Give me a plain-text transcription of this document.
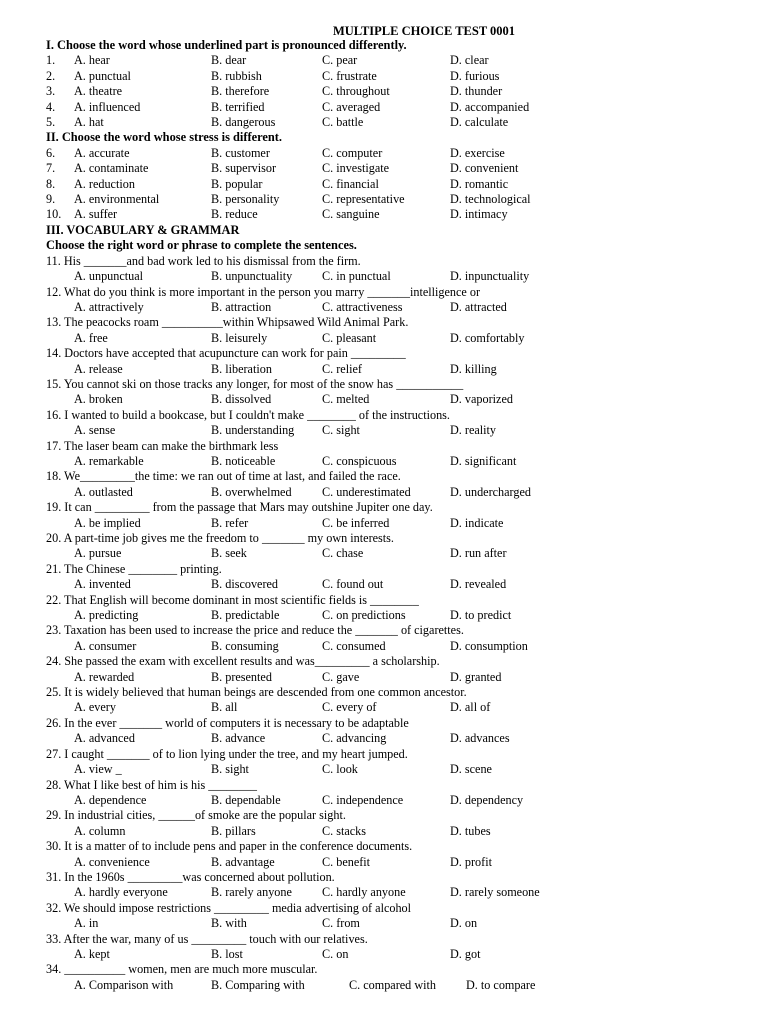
MULTIPLE CHOICE TEST 0001
I. Choose the word whose underlined part is pronounced differently.
1. A. hear	B. dear	C. pear	D. clear
2. A. punctual	B. rubbish	C. frustrate	D. furious
3. A. theatre	B. therefore	C. throughout	D. thunder
4. A. influenced	B. terrified	C. averaged	D. accompanied
5. A. hat	B. dangerous	C. battle	D. calculate
II. Choose the word whose stress is different.
6. A. accurate	B. customer	C. computer	D. exercise
7. A. contaminate	B. supervisor	C. investigate	D. convenient
8. A. reduction	B. popular	C. financial	D. romantic
9. A. environmental	B. personality	C. representative	D. technological
10. A. suffer	B. reduce	C. sanguine	D. intimacy
III. VOCABULARY & GRAMMAR
Choose the right word or phrase to complete the sentences.
11. His _______and bad work led to his dismissal from the firm.
A. unpunctual	B. unpunctuality C. in punctual	D. inpunctuality
12. What do you think is more important in the person you marry _______intelligence or
A. attractively	B. attraction	C. attractiveness	D. attracted
13. The peacocks roam __________within Whipsawed Wild Animal Park.
A. free	B. leisurely	C. pleasant	D. comfortably
14. Doctors have accepted that acupuncture can work for pain _________
A. release	B. liberation	C. relief	D. killing
15. You cannot ski on those tracks any longer, for most of the snow has ___________
A. broken	B. dissolved	C. melted	D. vaporized
16. I wanted to build a bookcase, but I couldn't make ________ of the instructions.
A. sense	B. understanding C. sight	D. reality
17. The laser beam can make the birthmark less
A. remarkable	B. noticeable	C. conspicuous	D. significant
18. We_________the time: we ran out of time at last, and failed the race.
A. outlasted	B. overwhelmed C. underestimated	D. undercharged
19. It can _________ from the passage that Mars may outshine Jupiter one day.
A. be implied	B. refer	C. be inferred	D. indicate
20. A part-time job gives me the freedom to _______ my own interests.
A. pursue	B. seek	C. chase	D. run after
21. The Chinese ________ printing.
A. invented	B. discovered	C. found out	D. revealed
22. That English will become dominant in most scientific fields is ________
A. predicting	B. predictable	C. on predictions	D. to predict
23. Taxation has been used to increase the price and reduce the _______ of cigarettes.
A. consumer	B. consuming	C. consumed	D. consumption
24. She passed the exam with excellent results and was_________ a scholarship.
A. rewarded	B. presented	C. gave	D. granted
25. It is widely believed that human beings are descended from one common ancestor.
A. every	B. all	C. every of	D. all of
26. In the ever _______ world of computers it is necessary to be adaptable
A. advanced	B. advance	C. advancing	D. advances
27. I caught _______ of to lion lying under the tree, and my heart jumped.
A. view _	B. sight	C. look	D. scene
28. What I like best of him is his ________
A. dependence	B. dependable	C. independence	D. dependency
29. In industrial cities, ______of smoke are the popular sight.
A. column	B. pillars	C. stacks	D. tubes
30. It is a matter of to include pens and paper in the conference documents.
A. convenience	B. advantage	C. benefit	D. profit
31. In the 1960s _________was concerned about pollution.
A. hardly everyone	B. rarely anyone C. hardly anyone	D. rarely someone
32. We should impose restrictions _________ media advertising of alcohol
A. in	B. with	C. from	D. on
33. After the war, many of us _________ touch with our relatives.
A. kept	B. lost	C. on	D. got
34. __________ women, men are much more muscular.
A. Comparison with	B. Comparing with	C. compared with D. to compare
